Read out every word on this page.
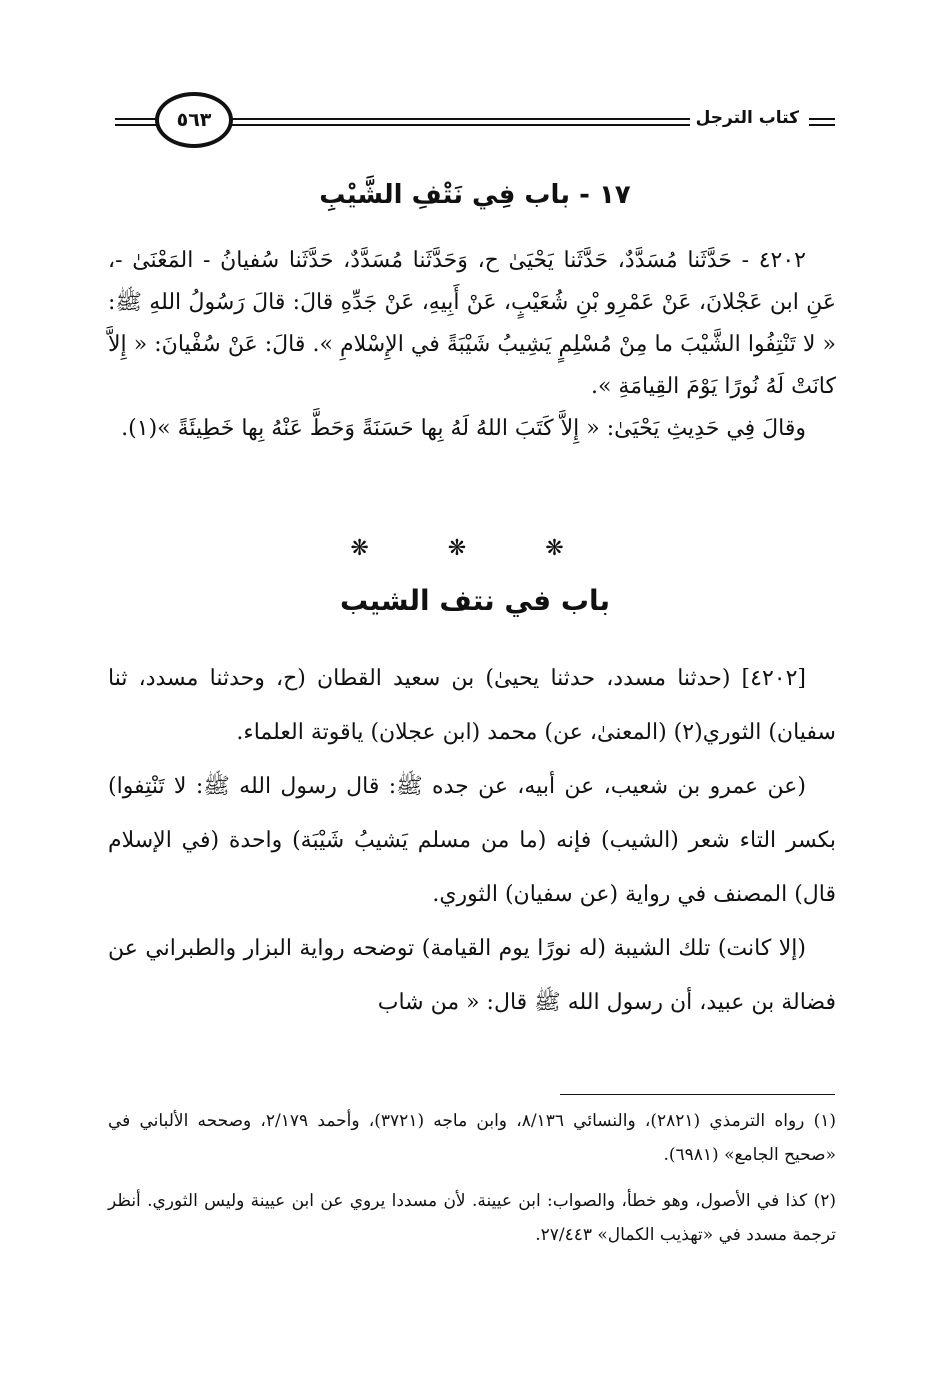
٥٦٣	كتاب الترجل
١٧ - باب فِي نَتْفِ الشَّيْبِ

٤٢٠٢ - حَدَّثَنا مُسَدَّدٌ، حَدَّثَنا يَحْيَىٰ ح، وَحَدَّثَنا مُسَدَّدٌ، حَدَّثَنا سُفيانُ - المَعْنَىٰ -، عَنِ ابن عَجْلانَ، عَنْ عَمْرِو بْنِ شُعَيْبٍ، عَنْ أَبِيهِ، عَنْ جَدِّهِ قالَ: قالَ رَسُولُ اللهِ ﷺ: « لا تَنْتِفُوا الشَّيْبَ ما مِنْ مُسْلِمٍ يَشِيبُ شَيْبَةً في الإِسْلامِ ». قالَ: عَنْ سُفْيانَ: « إِلاَّ كانَتْ لَهُ نُورًا يَوْمَ القِيامَةِ ».

وقالَ فِي حَدِيثِ يَحْيَىٰ: « إِلاَّ كَتَبَ اللهُ لَهُ بِها حَسَنَةً وَحَطَّ عَنْهُ بِها خَطِيئَةً »(١).

❋ ❋ ❋
باب في نتف الشيب

[٤٢٠٢] (حدثنا مسدد، حدثنا يحيىٰ) بن سعيد القطان (ح، وحدثنا مسدد، ثنا سفيان) الثوري(٢) (المعنىٰ، عن) محمد (ابن عجلان) ياقوتة العلماء.

(عن عمرو بن شعيب، عن أبيه، عن جده ﷺ: قال رسول الله ﷺ: لا تَنْتِفوا) بكسر التاء شعر (الشيب) فإنه (ما من مسلم يَشيبُ شَيْبَة) واحدة (في الإسلام قال) المصنف في رواية (عن سفيان) الثوري.

(إلا كانت) تلك الشيبة (له نورًا يوم القيامة) توضحه رواية البزار والطبراني عن فضالة بن عبيد، أن رسول الله ﷺ قال: « من شاب

(١) رواه الترمذي (٢٨٢١)، والنسائي ٨/١٣٦، وابن ماجه (٣٧٢١)، وأحمد ٢/١٧٩، وصححه الألباني في «صحيح الجامع» (٦٩٨١).

(٢) كذا في الأصول، وهو خطأ، والصواب: ابن عيينة. لأن مسددا يروي عن ابن عيينة وليس الثوري. أنظر ترجمة مسدد في «تهذيب الكمال» ٢٧/٤٤٣.
